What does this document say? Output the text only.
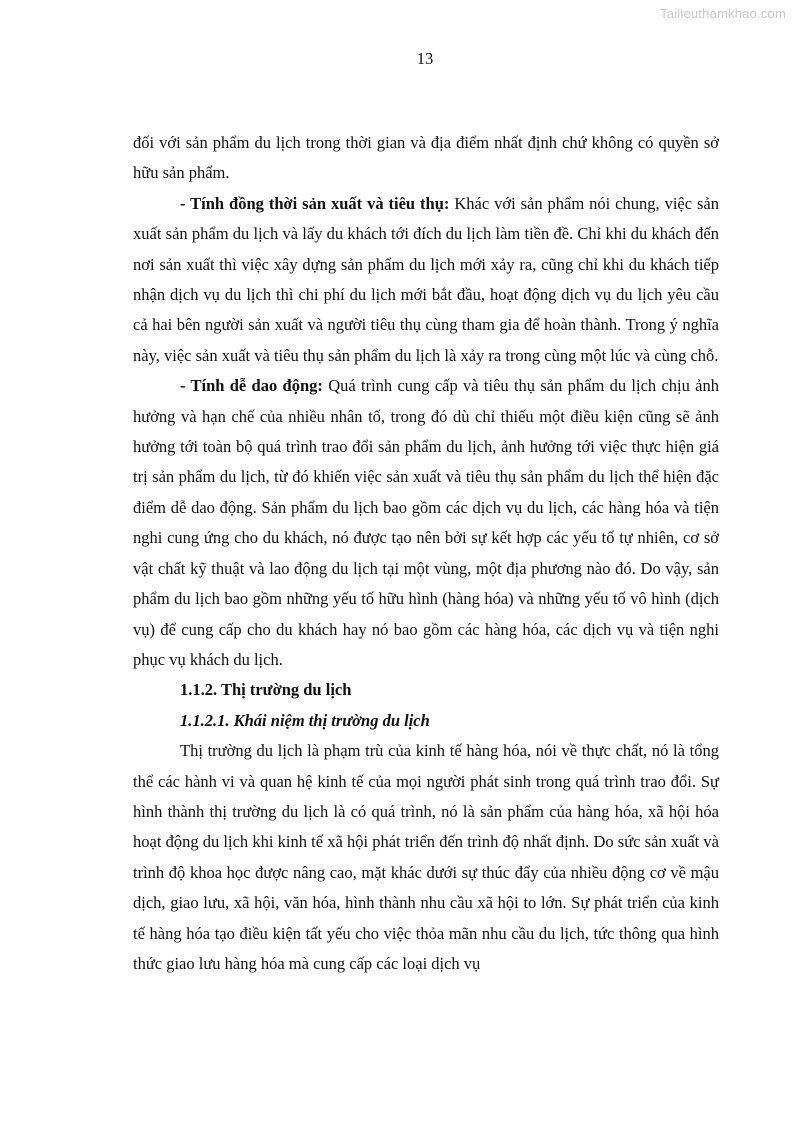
Tailieuthamkhao.com
13

đối với sản phẩm du lịch trong thời gian và địa điểm nhất định chứ không có quyền sở hữu sản phẩm.

- Tính đồng thời sản xuất và tiêu thụ: Khác với sản phẩm nói chung, việc sản xuất sản phẩm du lịch và lấy du khách tới đích du lịch làm tiền đề. Chỉ khi du khách đến nơi sản xuất thì việc xây dựng sản phẩm du lịch mới xảy ra, cũng chỉ khi du khách tiếp nhận dịch vụ du lịch thì chi phí du lịch mới bắt đầu, hoạt động dịch vụ du lịch yêu cầu cả hai bên người sản xuất và người tiêu thụ cùng tham gia để hoàn thành. Trong ý nghĩa này, việc sản xuất và tiêu thụ sản phẩm du lịch là xảy ra trong cùng một lúc và cùng chỗ.

- Tính dễ dao động: Quá trình cung cấp và tiêu thụ sản phẩm du lịch chịu ảnh hưởng và hạn chế của nhiều nhân tố, trong đó dù chỉ thiếu một điều kiện cũng sẽ ảnh hưởng tới toàn bộ quá trình trao đổi sản phẩm du lịch, ảnh hưởng tới việc thực hiện giá trị sản phẩm du lịch, từ đó khiến việc sản xuất và tiêu thụ sản phẩm du lịch thể hiện đặc điểm dễ dao động. Sản phẩm du lịch bao gồm các dịch vụ du lịch, các hàng hóa và tiện nghi cung ứng cho du khách, nó được tạo nên bởi sự kết hợp các yếu tố tự nhiên, cơ sở vật chất kỹ thuật và lao động du lịch tại một vùng, một địa phương nào đó. Do vậy, sản phẩm du lịch bao gồm những yếu tố hữu hình (hàng hóa) và những yếu tố vô hình (dịch vụ) để cung cấp cho du khách hay nó bao gồm các hàng hóa, các dịch vụ và tiện nghi phục vụ khách du lịch.

1.1.2. Thị trường du lịch

1.1.2.1. Khái niệm thị trường du lịch

Thị trường du lịch là phạm trù của kinh tế hàng hóa, nói về thực chất, nó là tổng thể các hành vi và quan hệ kinh tế của mọi người phát sinh trong quá trình trao đổi. Sự hình thành thị trường du lịch là có quá trình, nó là sản phẩm của hàng hóa, xã hội hóa hoạt động du lịch khi kinh tế xã hội phát triển đến trình độ nhất định. Do sức sản xuất và trình độ khoa học được nâng cao, mặt khác dưới sự thúc đẩy của nhiều động cơ về mậu dịch, giao lưu, xã hội, văn hóa, hình thành nhu cầu xã hội to lớn. Sự phát triển của kinh tế hàng hóa tạo điều kiện tất yếu cho việc thỏa mãn nhu cầu du lịch, tức thông qua hình thức giao lưu hàng hóa mà cung cấp các loại dịch vụ
